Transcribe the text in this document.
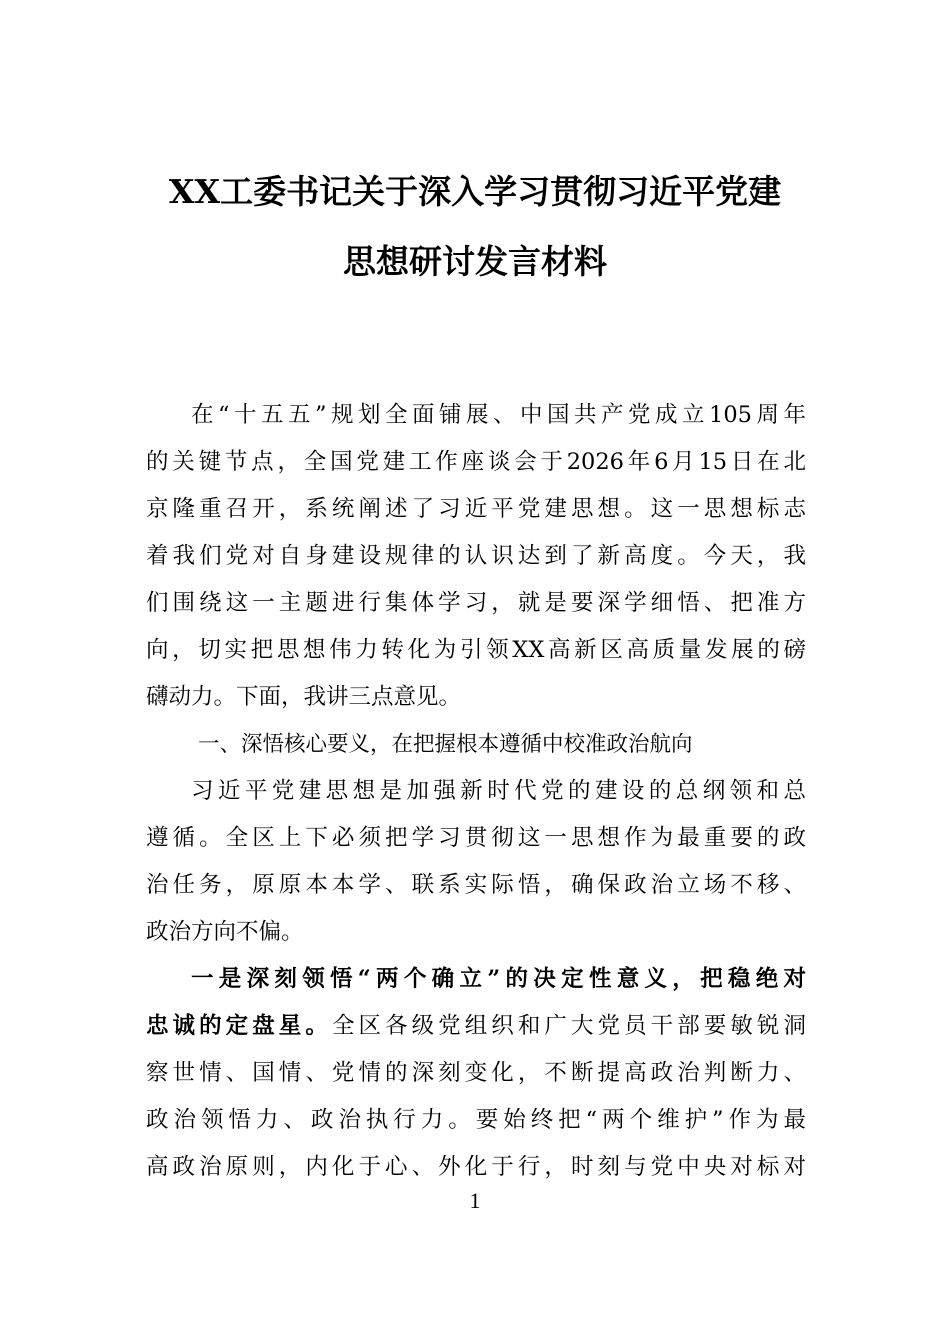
XX工委书记关于深入学习贯彻习近平党建
思想研讨发言材料
在“十五五”规划全面铺展、中国共产党成立105周年
的关键节点，全国党建工作座谈会于2026年6月15日在北
京隆重召开，系统阐述了习近平党建思想。这一思想标志
着我们党对自身建设规律的认识达到了新高度。今天，我
们围绕这一主题进行集体学习，就是要深学细悟、把准方
向，切实把思想伟力转化为引领XX高新区高质量发展的磅
礴动力。下面，我讲三点意见。
一、深悟核心要义，在把握根本遵循中校准政治航向
习近平党建思想是加强新时代党的建设的总纲领和总
遵循。全区上下必须把学习贯彻这一思想作为最重要的政
治任务，原原本本学、联系实际悟，确保政治立场不移、
政治方向不偏。
一是深刻领悟“两个确立”的决定性意义，把稳绝对
忠诚的定盘星。全区各级党组织和广大党员干部要敏锐洞
察世情、国情、党情的深刻变化，不断提高政治判断力、
政治领悟力、政治执行力。要始终把“两个维护”作为最
高政治原则，内化于心、外化于行，时刻与党中央对标对
1
